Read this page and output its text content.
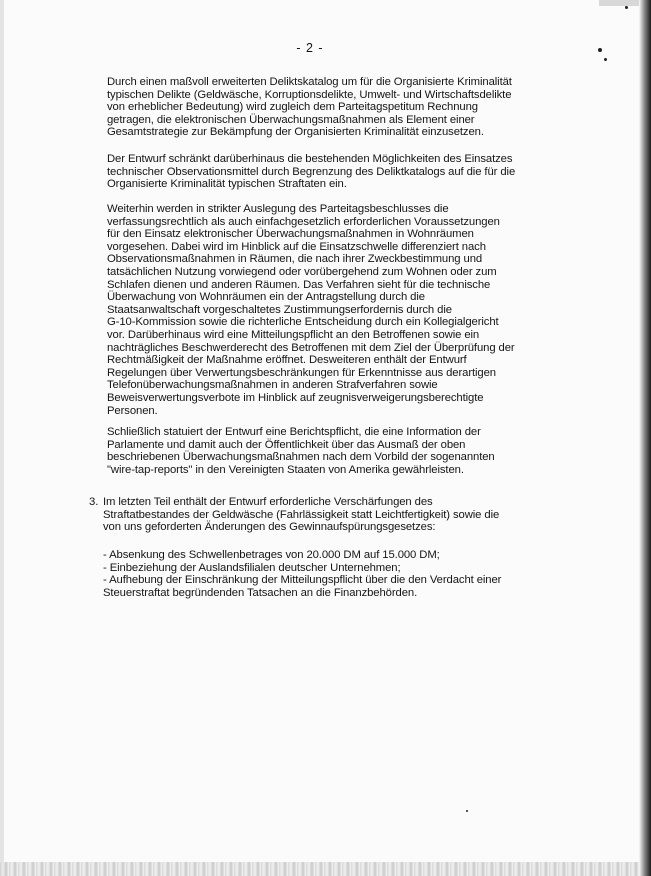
- 2 -
Durch einen maßvoll erweiterten Deliktskatalog um für die Organisierte Kriminalität
typischen Delikte (Geldwäsche, Korruptionsdelikte, Umwelt- und Wirtschaftsdelikte
von erheblicher Bedeutung) wird zugleich dem Parteitagspetitum Rechnung
getragen, die elektronischen Überwachungsmaßnahmen als Element einer
Gesamtstrategie zur Bekämpfung der Organisierten Kriminalität einzusetzen.
Der Entwurf schränkt darüberhinaus die bestehenden Möglichkeiten des Einsatzes
technischer Observationsmittel durch Begrenzung des Deliktkatalogs auf die für die
Organisierte Kriminalität typischen Straftaten ein.
Weiterhin werden in strikter Auslegung des Parteitagsbeschlusses die
verfassungsrechtlich als auch einfachgesetzlich erforderlichen Voraussetzungen
für den Einsatz elektronischer Überwachungsmaßnahmen in Wohnräumen
vorgesehen. Dabei wird im Hinblick auf die Einsatzschwelle differenziert nach
Observationsmaßnahmen in Räumen, die nach ihrer Zweckbestimmung und
tatsächlichen Nutzung vorwiegend oder vorübergehend zum Wohnen oder zum
Schlafen dienen und anderen Räumen. Das Verfahren sieht für die technische
Überwachung von Wohnräumen ein der Antragstellung durch die
Staatsanwaltschaft vorgeschaltetes Zustimmungserfordernis durch die
G-10-Kommission sowie die richterliche Entscheidung durch ein Kollegialgericht
vor. Darüberhinaus wird eine Mitteilungspflicht an den Betroffenen sowie ein
nachträgliches Beschwerderecht des Betroffenen mit dem Ziel der Überprüfung der
Rechtmäßigkeit der Maßnahme eröffnet. Desweiteren enthält der Entwurf
Regelungen über Verwertungsbeschränkungen für Erkenntnisse aus derartigen
Telefonüberwachungsmaßnahmen in anderen Strafverfahren sowie
Beweisverwertungsverbote im Hinblick auf zeugnisverweigerungsberechtigte
Personen.
Schließlich statuiert der Entwurf eine Berichtspflicht, die eine Information der
Parlamente und damit auch der Öffentlichkeit über das Ausmaß der oben
beschriebenen Überwachungsmaßnahmen nach dem Vorbild der sogenannten
"wire-tap-reports" in den Vereinigten Staaten von Amerika gewährleisten.
3. Im letzten Teil enthält der Entwurf erforderliche Verschärfungen des
Straftatbestandes der Geldwäsche (Fahrlässigkeit statt Leichtfertigkeit) sowie die
von uns geforderten Änderungen des Gewinnaufspürungsgesetzes:
- Absenkung des Schwellenbetrages von 20.000 DM auf 15.000 DM;
- Einbeziehung der Auslandsfilialen deutscher Unternehmen;
- Aufhebung der Einschränkung der Mitteilungspflicht über die den Verdacht einer
Steuerstraftat begründenden Tatsachen an die Finanzbehörden.
